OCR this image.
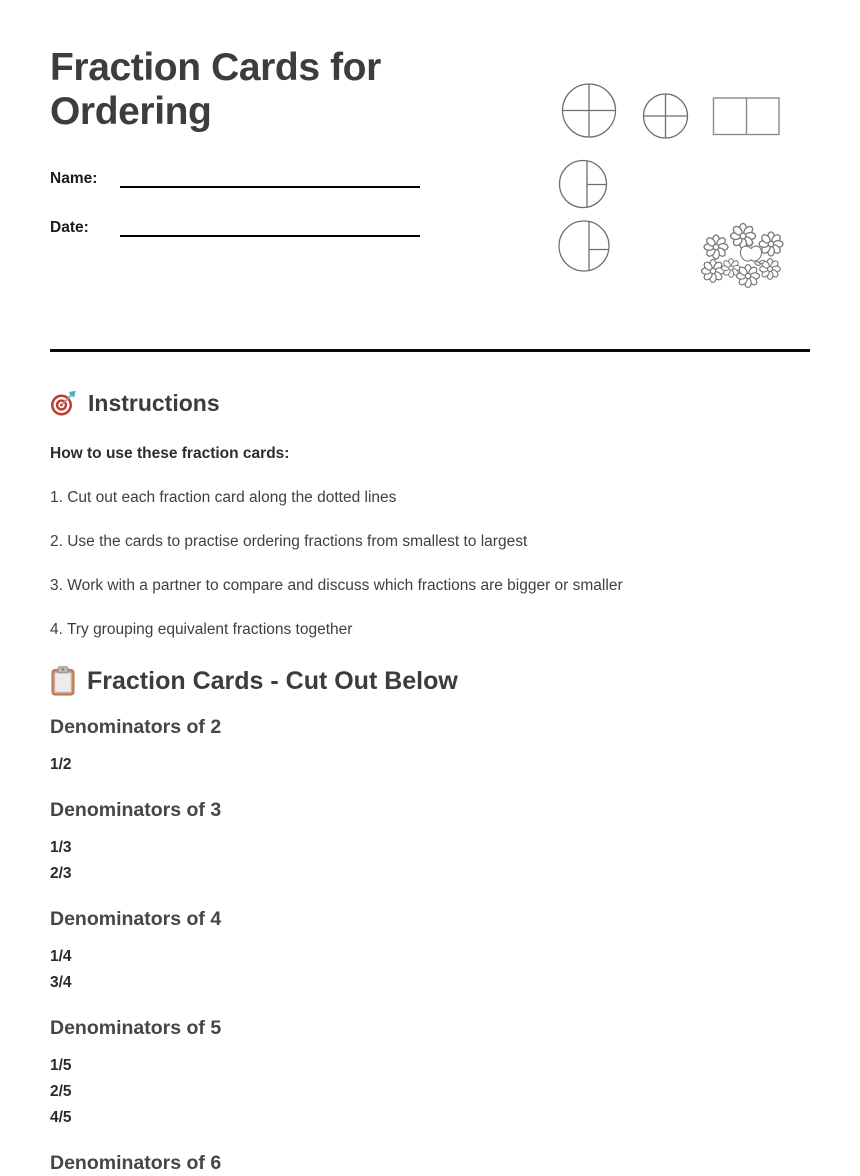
Fraction Cards for Ordering
Name:
Date:
Instructions

How to use these fraction cards:

1. Cut out each fraction card along the dotted lines

2. Use the cards to practise ordering fractions from smallest to largest

3. Work with a partner to compare and discuss which fractions are bigger or smaller

4. Try grouping equivalent fractions together

Fraction Cards - Cut Out Below
Denominators of 2

1/2

Denominators of 3

1/3

2/3

Denominators of 4

1/4

3/4

Denominators of 5

1/5

2/5

4/5

Denominators of 6
